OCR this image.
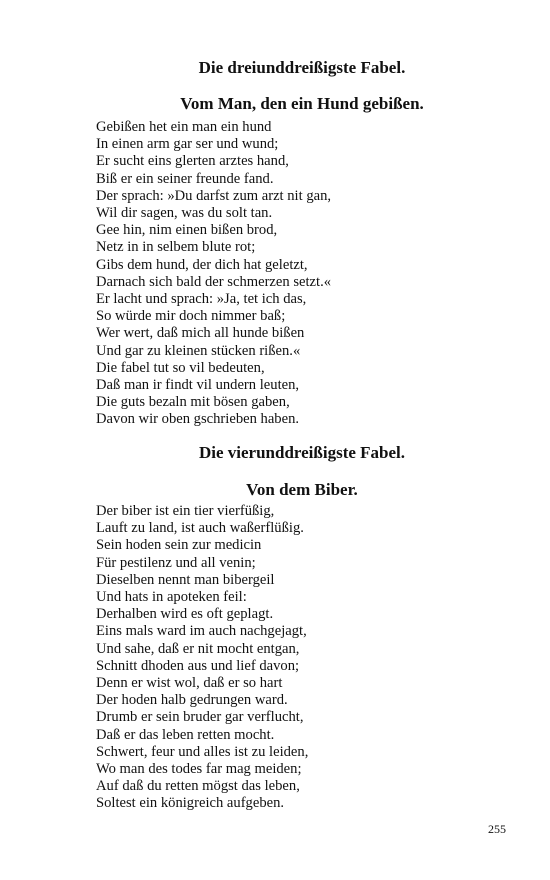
Die dreiunddreißigste Fabel.
Vom Man, den ein Hund gebißen.
Gebißen het ein man ein hund
In einen arm gar ser und wund;
Er sucht eins glerten arztes hand,
Biß er ein seiner freunde fand.
Der sprach: »Du darfst zum arzt nit gan,
Wil dir sagen, was du solt tan.
Gee hin, nim einen bißen brod,
Netz in in selbem blute rot;
Gibs dem hund, der dich hat geletzt,
Darnach sich bald der schmerzen setzt.«
Er lacht und sprach: »Ja, tet ich das,
So würde mir doch nimmer baß;
Wer wert, daß mich all hunde bißen
Und gar zu kleinen stücken rißen.«
Die fabel tut so vil bedeuten,
Daß man ir findt vil undern leuten,
Die guts bezaln mit bösen gaben,
Davon wir oben gschrieben haben.
Die vierunddreißigste Fabel.
Von dem Biber.
Der biber ist ein tier vierfüßig,
Lauft zu land, ist auch waßerflüßig.
Sein hoden sein zur medicin
Für pestilenz und all venin;
Dieselben nennt man bibergeil
Und hats in apoteken feil:
Derhalben wird es oft geplagt.
Eins mals ward im auch nachgejagt,
Und sahe, daß er nit mocht entgan,
Schnitt dhoden aus und lief davon;
Denn er wist wol, daß er so hart
Der hoden halb gedrungen ward.
Drumb er sein bruder gar verflucht,
Daß er das leben retten mocht.
Schwert, feur und alles ist zu leiden,
Wo man des todes far mag meiden;
Auf daß du retten mögst das leben,
Soltest ein königreich aufgeben.
255
